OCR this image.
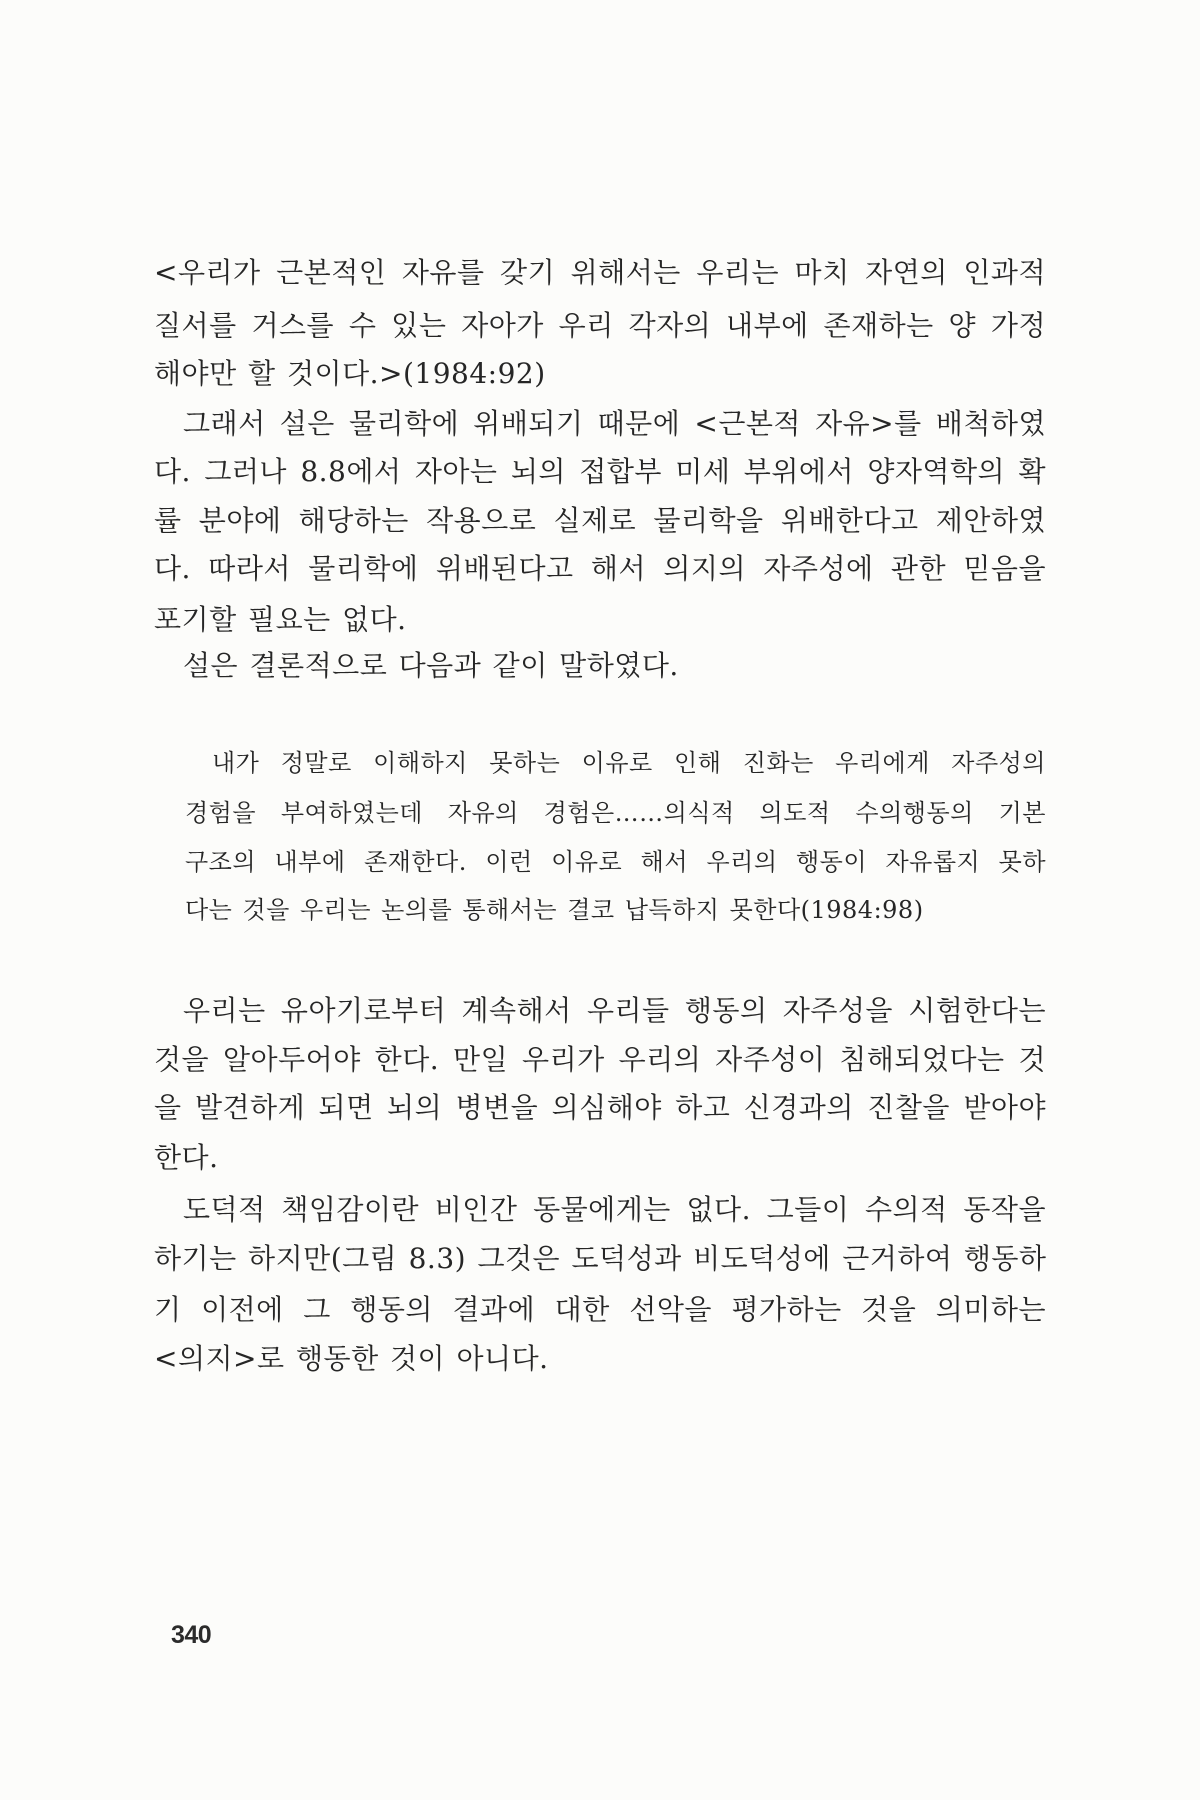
<우리가 근본적인 자유를 갖기 위해서는 우리는 마치 자연의 인과적
질서를 거스를 수 있는 자아가 우리 각자의 내부에 존재하는 양 가정
해야만 할 것이다.>(1984:92)
그래서 설은 물리학에 위배되기 때문에 <근본적 자유>를 배척하였
다. 그러나 8.8에서 자아는 뇌의 접합부 미세 부위에서 양자역학의 확
률 분야에 해당하는 작용으로 실제로 물리학을 위배한다고 제안하였
다. 따라서 물리학에 위배된다고 해서 의지의 자주성에 관한 믿음을
포기할 필요는 없다.
설은 결론적으로 다음과 같이 말하였다.
내가 정말로 이해하지 못하는 이유로 인해 진화는 우리에게 자주성의
경험을 부여하였는데 자유의 경험은……의식적 의도적 수의행동의 기본
구조의 내부에 존재한다. 이런 이유로 해서 우리의 행동이 자유롭지 못하
다는 것을 우리는 논의를 통해서는 결코 납득하지 못한다(1984:98)
우리는 유아기로부터 계속해서 우리들 행동의 자주성을 시험한다는
것을 알아두어야 한다. 만일 우리가 우리의 자주성이 침해되었다는 것
을 발견하게 되면 뇌의 병변을 의심해야 하고 신경과의 진찰을 받아야
한다.
도덕적 책임감이란 비인간 동물에게는 없다. 그들이 수의적 동작을
하기는 하지만(그림 8.3) 그것은 도덕성과 비도덕성에 근거하여 행동하
기 이전에 그 행동의 결과에 대한 선악을 평가하는 것을 의미하는
<의지>로 행동한 것이 아니다.
340
